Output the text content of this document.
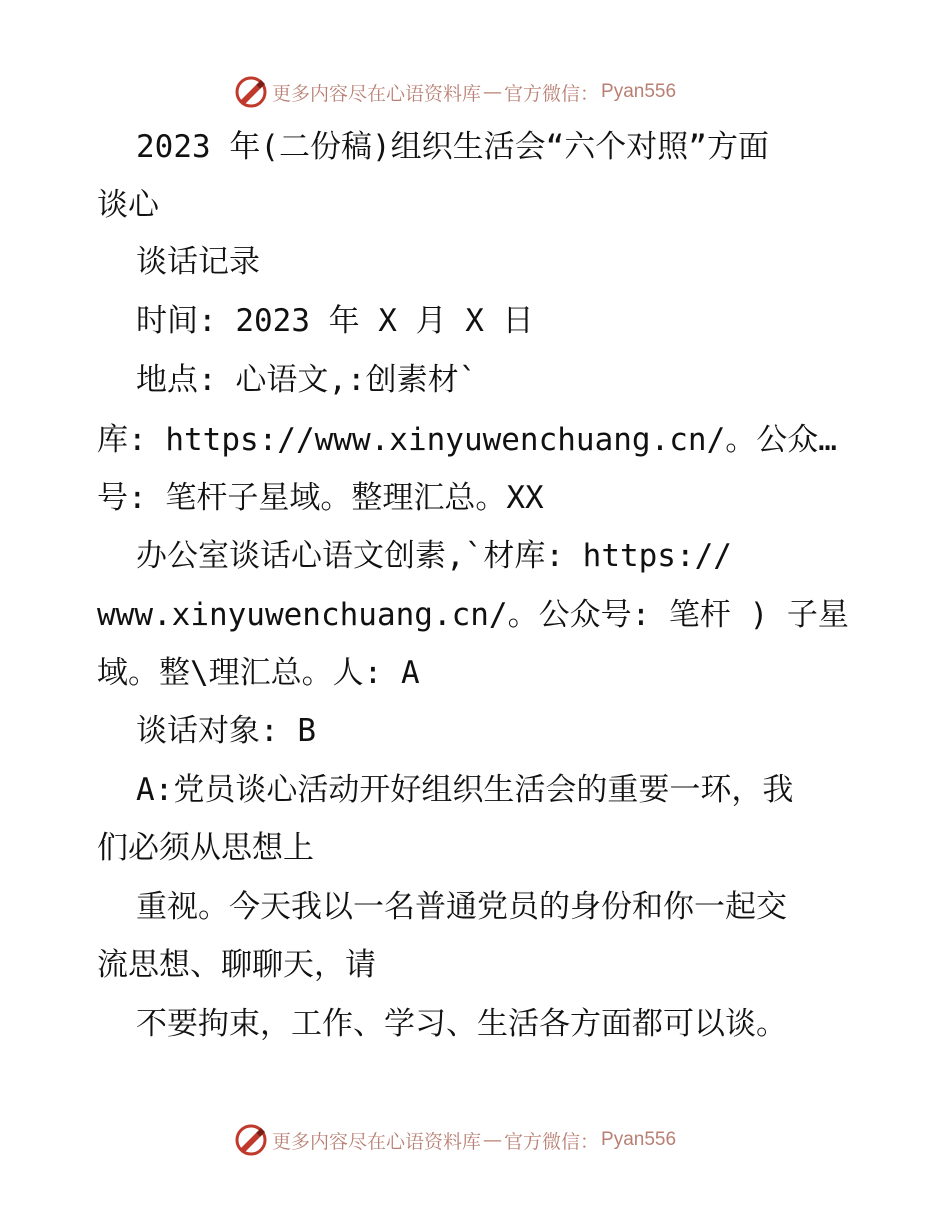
更多内容尽在心语资料库 — 官方微信： Pyan556
2023 年(二份稿)组织生活会“六个对照”方面
谈心
谈话记录
时间: 2023 年 X 月 X 日
地点: 心语文,:创素材`
库: https://www.xinyuwenchuang.cn/。公众…
号: 笔杆子星域。整理汇总。XX
办公室谈话心语文创素,`材库: https://
www.xinyuwenchuang.cn/。公众号: 笔杆 ) 子星
域。整\理汇总。人: A
谈话对象: B
A:党员谈心活动开好组织生活会的重要一环，我
们必须从思想上
重视。今天我以一名普通党员的身份和你一起交
流思想、聊聊天，请
不要拘束，工作、学习、生活各方面都可以谈。
更多内容尽在心语资料库 — 官方微信： Pyan556
